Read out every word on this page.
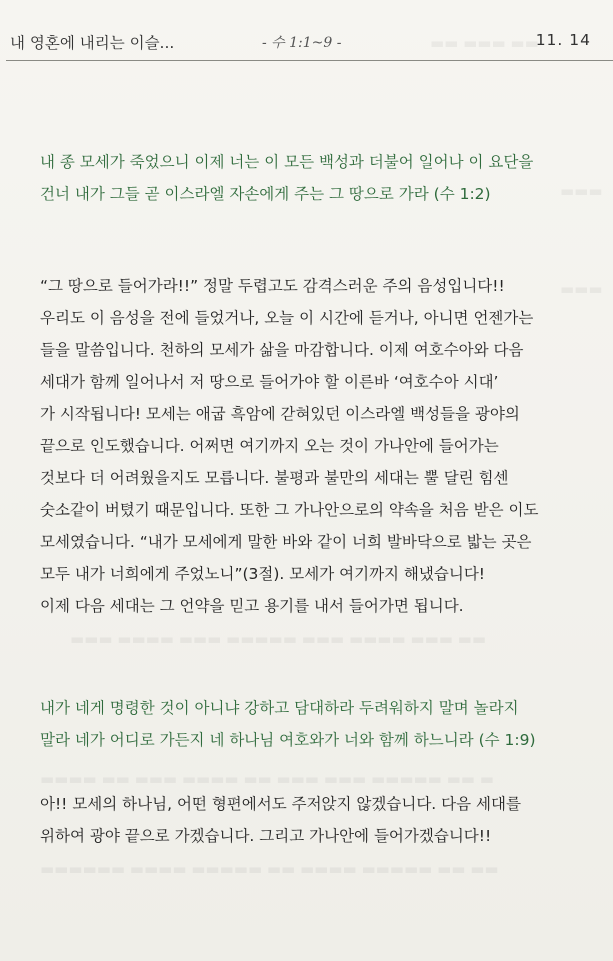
내 영혼에 내리는 이슬...	- 수 1:1~9 -	11. 14
내 종 모세가 죽었으니 이제 너는 이 모든 백성과 더불어 일어나 이 요단을
건너 내가 그들 곧 이스라엘 자손에게 주는 그 땅으로 가라 (수 1:2)
“그 땅으로 들어가라!!” 정말 두렵고도 감격스러운 주의 음성입니다!!
우리도 이 음성을 전에 들었거나, 오늘 이 시간에 듣거나, 아니면 언젠가는
들을 말씀입니다. 천하의 모세가 삶을 마감합니다. 이제 여호수아와 다음
세대가 함께 일어나서 저 땅으로 들어가야 할 이른바 ‘여호수아 시대’
가 시작됩니다! 모세는 애굽 흑암에 갇혀있던 이스라엘 백성들을 광야의
끝으로 인도했습니다. 어쩌면 여기까지 오는 것이 가나안에 들어가는
것보다 더 어려웠을지도 모릅니다. 불평과 불만의 세대는 뿔 달린 힘센
숫소같이 버텼기 때문입니다. 또한 그 가나안으로의 약속을 처음 받은 이도
모세였습니다. “내가 모세에게 말한 바와 같이 너희 발바닥으로 밟는 곳은
모두 내가 너희에게 주었노니”(3절). 모세가 여기까지 해냈습니다!
이제 다음 세대는 그 언약을 믿고 용기를 내서 들어가면 됩니다.
내가 네게 명령한 것이 아니냐 강하고 담대하라 두려워하지 말며 놀라지
말라 네가 어디로 가든지 네 하나님 여호와가 너와 함께 하느니라 (수 1:9)
아!! 모세의 하나님, 어떤 형편에서도 주저앉지 않겠습니다. 다음 세대를
위하여 광야 끝으로 가겠습니다. 그리고 가나안에 들어가겠습니다!!
